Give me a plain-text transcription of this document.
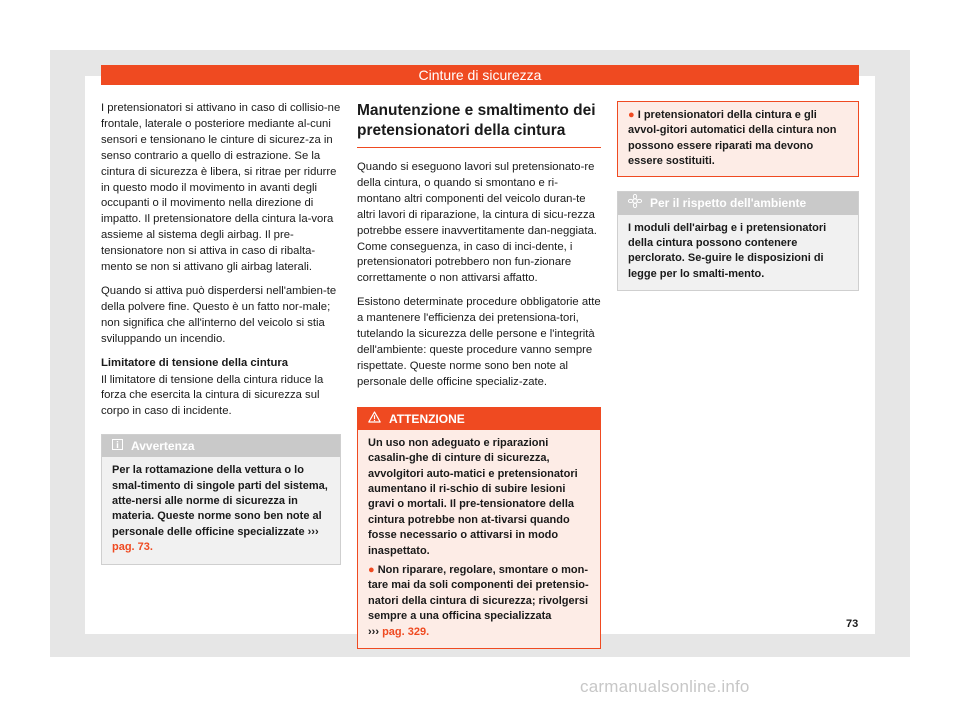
Cinture di sicurezza

I pretensionatori si attivano in caso di collisio-ne frontale, laterale o posteriore mediante al-cuni sensori e tensionano le cinture di sicurez-za in senso contrario a quello di estrazione. Se la cintura di sicurezza è libera, si ritrae per ridurre in questo modo il movimento in avanti degli occupanti o il movimento nella direzione di impatto. Il pretensionatore della cintura la-vora assieme al sistema degli airbag. Il pre-tensionatore non si attiva in caso di ribalta-mento se non si attivano gli airbag laterali.

Quando si attiva può disperdersi nell'ambien-te della polvere fine. Questo è un fatto nor-male; non significa che all'interno del veicolo si stia sviluppando un incendio.

Limitatore di tensione della cintura

Il limitatore di tensione della cintura riduce la forza che esercita la cintura di sicurezza sul corpo in caso di incidente.

Avvertenza
Per la rottamazione della vettura o lo smal-timento di singole parti del sistema, atte-nersi alle norme di sicurezza in materia. Queste norme sono ben note al personale delle officine specializzate ››› pag. 73.
Manutenzione e smaltimento dei pretensionatori della cintura

Quando si eseguono lavori sul pretensionato-re della cintura, o quando si smontano e ri-montano altri componenti del veicolo duran-te altri lavori di riparazione, la cintura di sicu-rezza potrebbe essere inavvertitamente dan-neggiata. Come conseguenza, in caso di inci-dente, i pretensionatori potrebbero non fun-zionare correttamente o non attivarsi affatto.

Esistono determinate procedure obbligatorie atte a mantenere l'efficienza dei pretensiona-tori, tutelando la sicurezza delle persone e l'integrità dell'ambiente: queste procedure vanno sempre rispettate. Queste norme sono ben note al personale delle officine specializ-zate.

ATTENZIONE
Un uso non adeguato e riparazioni casalin-ghe di cinture di sicurezza, avvolgitori auto-matici e pretensionatori aumentano il ri-schio di subire lesioni gravi o mortali. Il pre-tensionatore della cintura potrebbe non at-tivarsi quando fosse necessario o attivarsi in modo inaspettato.
● Non riparare, regolare, smontare o mon-tare mai da soli componenti dei pretensio-natori della cintura di sicurezza; rivolgersi sempre a una officina specializzata
››› pag. 329.
● I pretensionatori della cintura e gli avvol-gitori automatici della cintura non possono essere riparati ma devono essere sostituiti.
Per il rispetto dell'ambiente
I moduli dell'airbag e i pretensionatori della cintura possono contenere perclorato. Se-guire le disposizioni di legge per lo smalti-mento.
73
carmanualsonline.info
